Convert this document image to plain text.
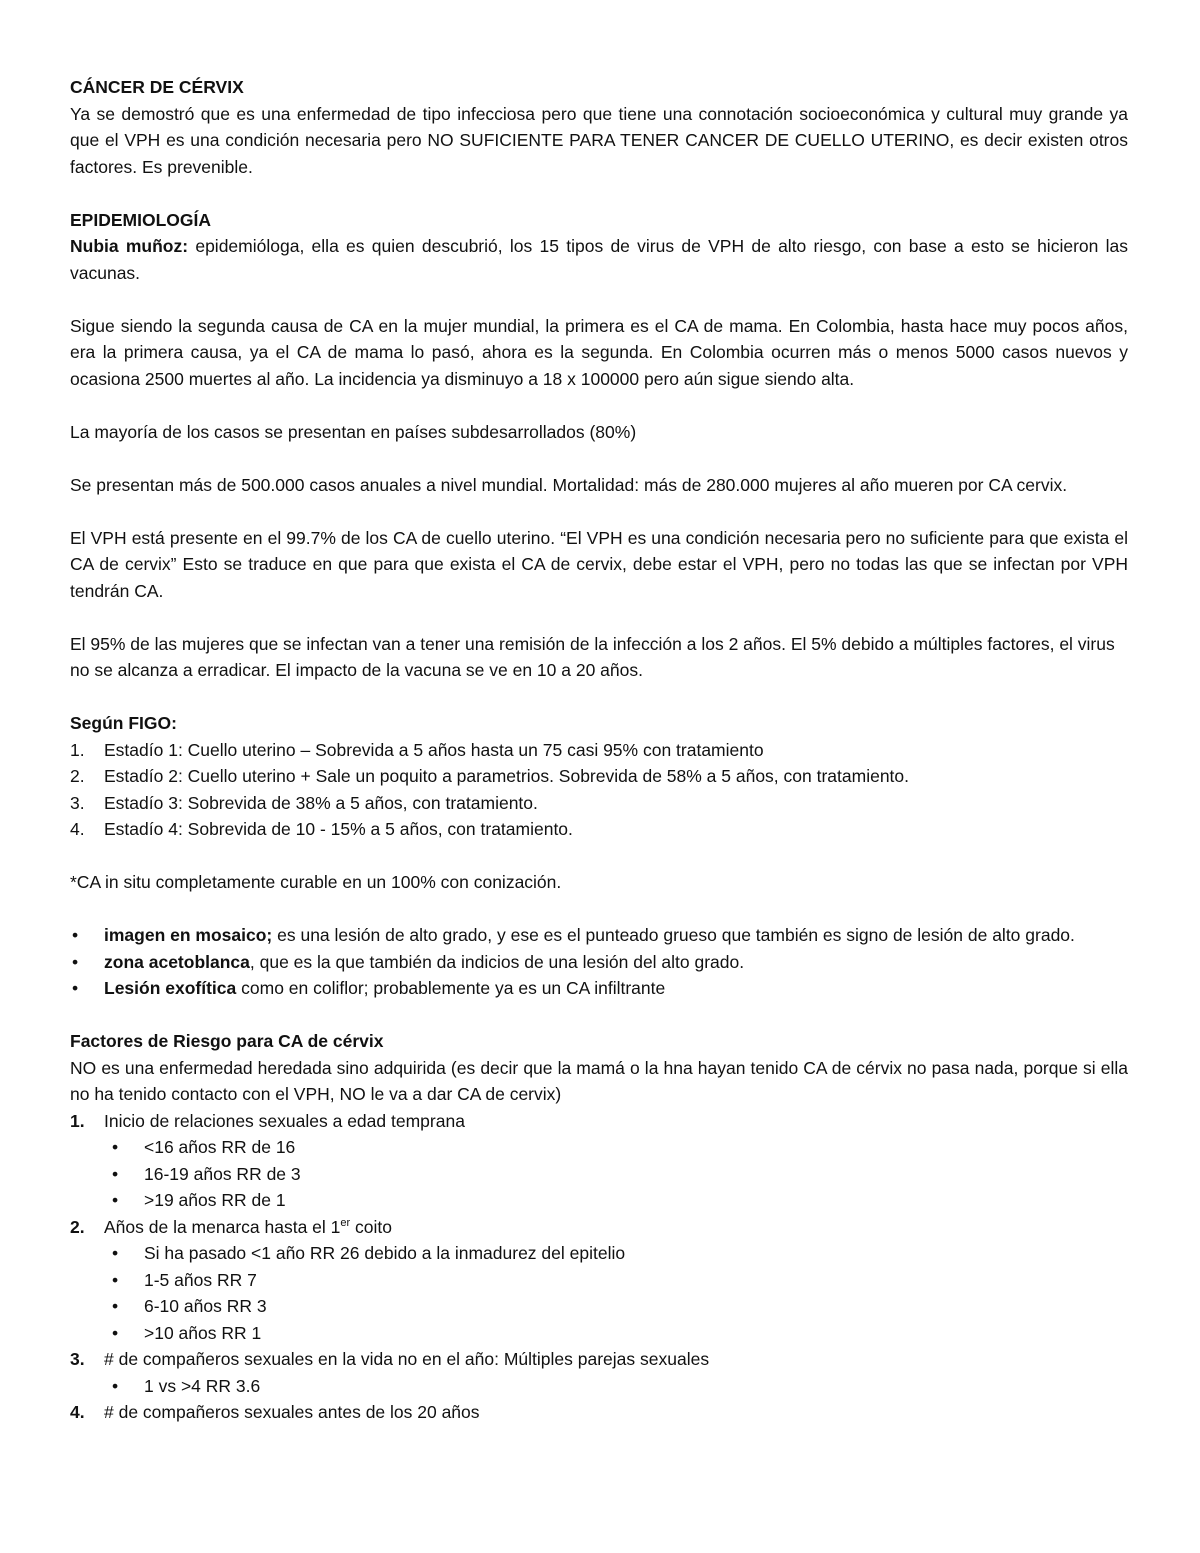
CÁNCER DE CÉRVIX

Ya se demostró que es una enfermedad de tipo infecciosa pero que tiene una connotación socioeconómica y cultural muy grande ya que el VPH es una condición necesaria pero NO SUFICIENTE PARA TENER CANCER DE CUELLO UTERINO, es decir existen otros factores. Es prevenible.

EPIDEMIOLOGÍA

Nubia muñoz: epidemióloga, ella es quien descubrió, los 15 tipos de virus de VPH de alto riesgo, con base a esto se hicieron las vacunas.

Sigue siendo la segunda causa de CA en la mujer mundial, la primera es el CA de mama. En Colombia, hasta hace muy pocos años, era la primera causa, ya el CA de mama lo pasó, ahora es la segunda. En Colombia ocurren más o menos 5000 casos nuevos y ocasiona 2500 muertes al año. La incidencia ya disminuyo a 18 x 100000 pero aún sigue siendo alta.

La mayoría de los casos se presentan en países subdesarrollados (80%)

Se presentan más de 500.000 casos anuales a nivel mundial. Mortalidad: más de 280.000 mujeres al año mueren por CA cervix.

El VPH está presente en el 99.7% de los CA de cuello uterino. “El VPH es una condición necesaria pero no suficiente para que exista el CA de cervix” Esto se traduce en que para que exista el CA de cervix, debe estar el VPH, pero no todas las que se infectan por VPH tendrán CA.

El 95% de las mujeres que se infectan van a tener una remisión de la infección a los 2 años. El 5% debido a múltiples factores, el virus no se alcanza a erradicar. El impacto de la vacuna se ve en 10 a 20 años.

Según FIGO:

1.	Estadío 1: Cuello uterino – Sobrevida a 5 años hasta un 75 casi 95% con tratamiento
2.	Estadío 2: Cuello uterino + Sale un poquito a parametrios. Sobrevida de 58% a 5 años, con tratamiento.
3.	Estadío 3: Sobrevida de 38% a 5 años, con tratamiento.
4.	Estadío 4: Sobrevida de 10 - 15% a 5 años, con tratamiento.

*CA in situ completamente curable en un 100% con conización.

•	imagen en mosaico; es una lesión de alto grado, y ese es el punteado grueso que también es signo de lesión de alto grado.
•	zona acetoblanca, que es la que también da indicios de una lesión del alto grado.
•	Lesión exofítica como en coliflor; probablemente ya es un CA infiltrante

Factores de Riesgo para CA de cérvix

NO es una enfermedad heredada sino adquirida (es decir que la mamá o la hna hayan tenido CA de cérvix no pasa nada, porque si ella no ha tenido contacto con el VPH, NO le va a dar CA de cervix)

1.	Inicio de relaciones sexuales a edad temprana
•	<16 años RR de 16
•	16-19 años RR de 3
•	>19 años RR de 1
2.	Años de la menarca hasta el 1er coito
•	Si ha pasado <1 año RR 26 debido a la inmadurez del epitelio
•	1-5 años RR 7
•	6-10 años RR 3
•	>10 años RR 1
3.	# de compañeros sexuales en la vida no en el año: Múltiples parejas sexuales
•	1 vs >4 RR 3.6
4.	# de compañeros sexuales antes de los 20 años
